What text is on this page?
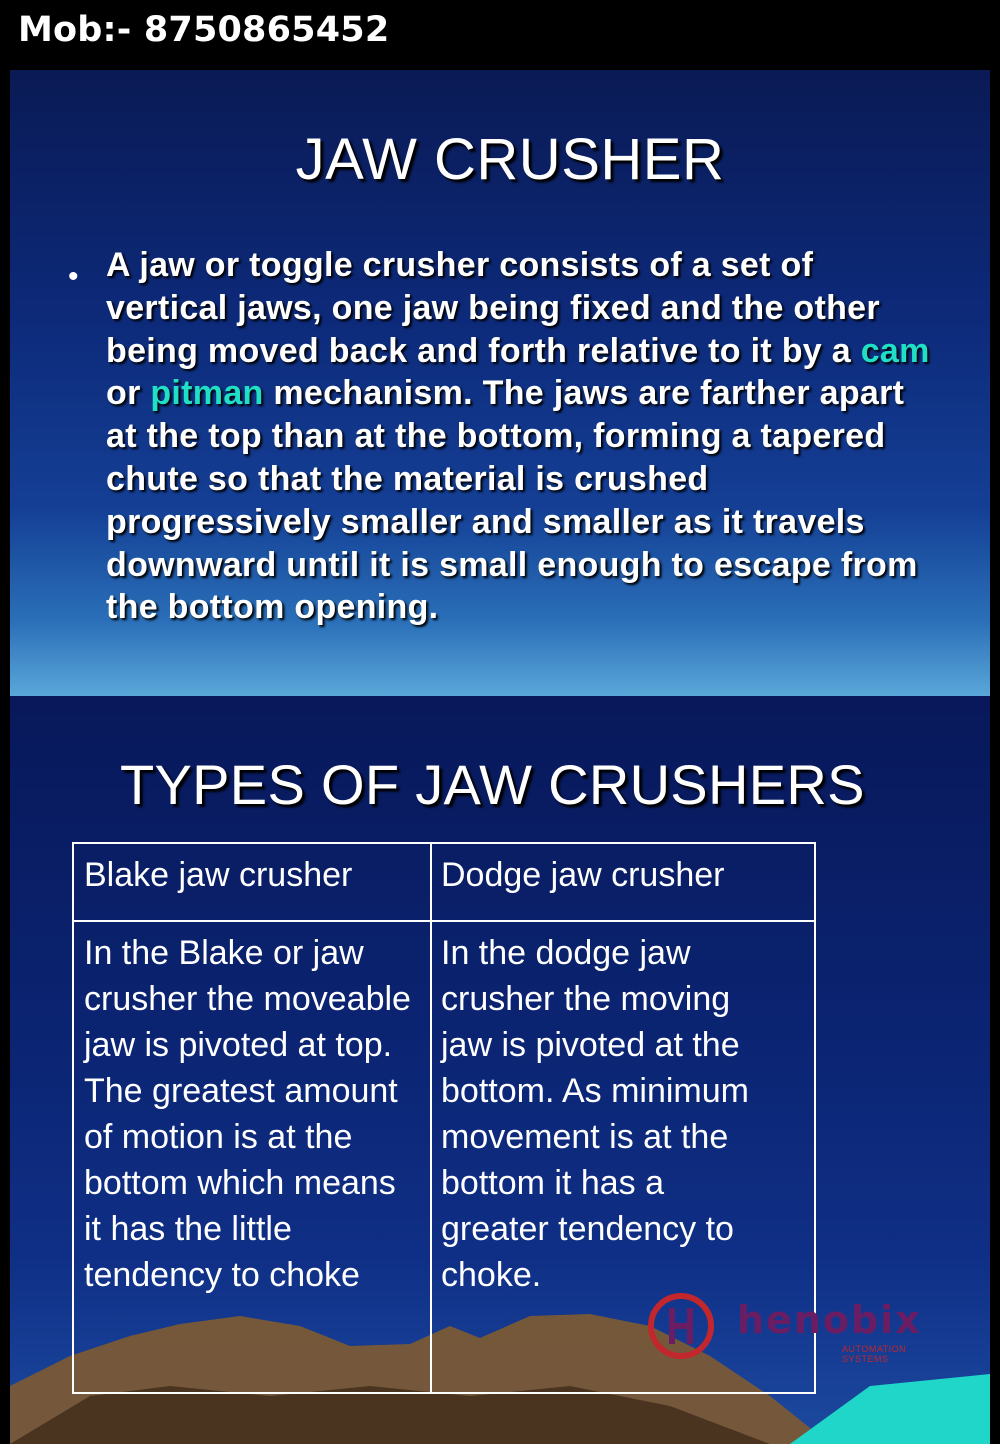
Mob:- 8750865452
JAW CRUSHER
• A jaw or toggle crusher consists of a set of vertical jaws, one jaw being fixed and the other being moved back and forth relative to it by a cam or pitman mechanism. The jaws are farther apart at the top than at the bottom, forming a tapered chute so that the material is crushed progressively smaller and smaller as it travels downward until it is small enough to escape from the bottom opening.
TYPES OF JAW CRUSHERS
Blake jaw crusher	Dodge jaw crusher
In the Blake or jaw crusher the moveable jaw is pivoted at top. The greatest amount of motion is at the bottom which means it has the little tendency to choke
In the dodge jaw crusher the moving jaw is pivoted at the bottom. As minimum movement is at the bottom it has a greater tendency to choke.
henobix
AUTOMATION SYSTEMS
